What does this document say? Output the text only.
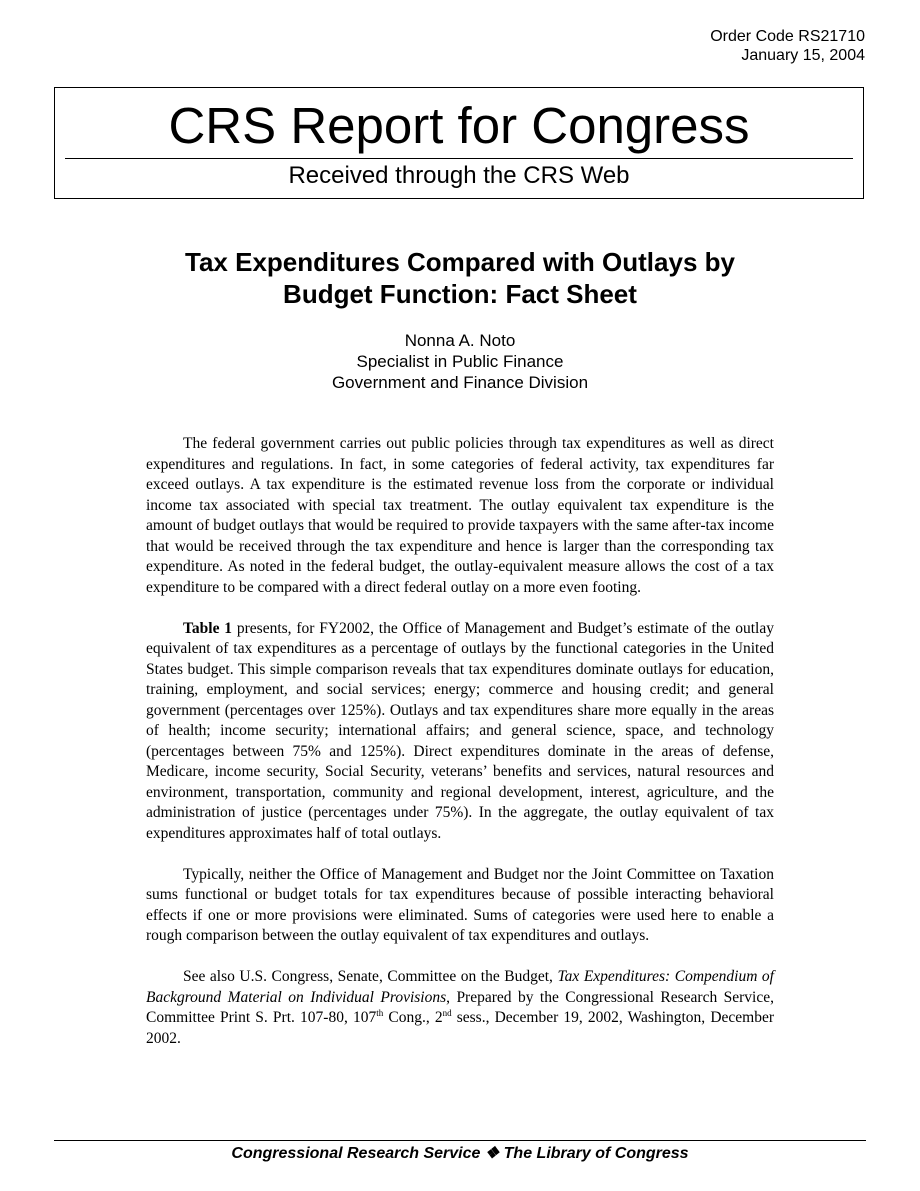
Order Code RS21710
January 15, 2004
CRS Report for Congress
Received through the CRS Web
Tax Expenditures Compared with Outlays by
Budget Function: Fact Sheet
Nonna A. Noto
Specialist in Public Finance
Government and Finance Division

The federal government carries out public policies through tax expenditures as well as direct expenditures and regulations. In fact, in some categories of federal activity, tax expenditures far exceed outlays. A tax expenditure is the estimated revenue loss from the corporate or individual income tax associated with special tax treatment. The outlay equivalent tax expenditure is the amount of budget outlays that would be required to provide taxpayers with the same after-tax income that would be received through the tax expenditure and hence is larger than the corresponding tax expenditure. As noted in the federal budget, the outlay-equivalent measure allows the cost of a tax expenditure to be compared with a direct federal outlay on a more even footing.

Table 1 presents, for FY2002, the Office of Management and Budget’s estimate of the outlay equivalent of tax expenditures as a percentage of outlays by the functional categories in the United States budget. This simple comparison reveals that tax expenditures dominate outlays for education, training, employment, and social services; energy; commerce and housing credit; and general government (percentages over 125%). Outlays and tax expenditures share more equally in the areas of health; income security; international affairs; and general science, space, and technology (percentages between 75% and 125%). Direct expenditures dominate in the areas of defense, Medicare, income security, Social Security, veterans’ benefits and services, natural resources and environment, transportation, community and regional development, interest, agriculture, and the administration of justice (percentages under 75%). In the aggregate, the outlay equivalent of tax expenditures approximates half of total outlays.

Typically, neither the Office of Management and Budget nor the Joint Committee on Taxation sums functional or budget totals for tax expenditures because of possible interacting behavioral effects if one or more provisions were eliminated. Sums of categories were used here to enable a rough comparison between the outlay equivalent of tax expenditures and outlays.

See also U.S. Congress, Senate, Committee on the Budget, Tax Expenditures: Compendium of Background Material on Individual Provisions, Prepared by the Congressional Research Service, Committee Print S. Prt. 107-80, 107th Cong., 2nd sess., December 19, 2002, Washington, December 2002.

Congressional Research Service ❖ The Library of Congress
